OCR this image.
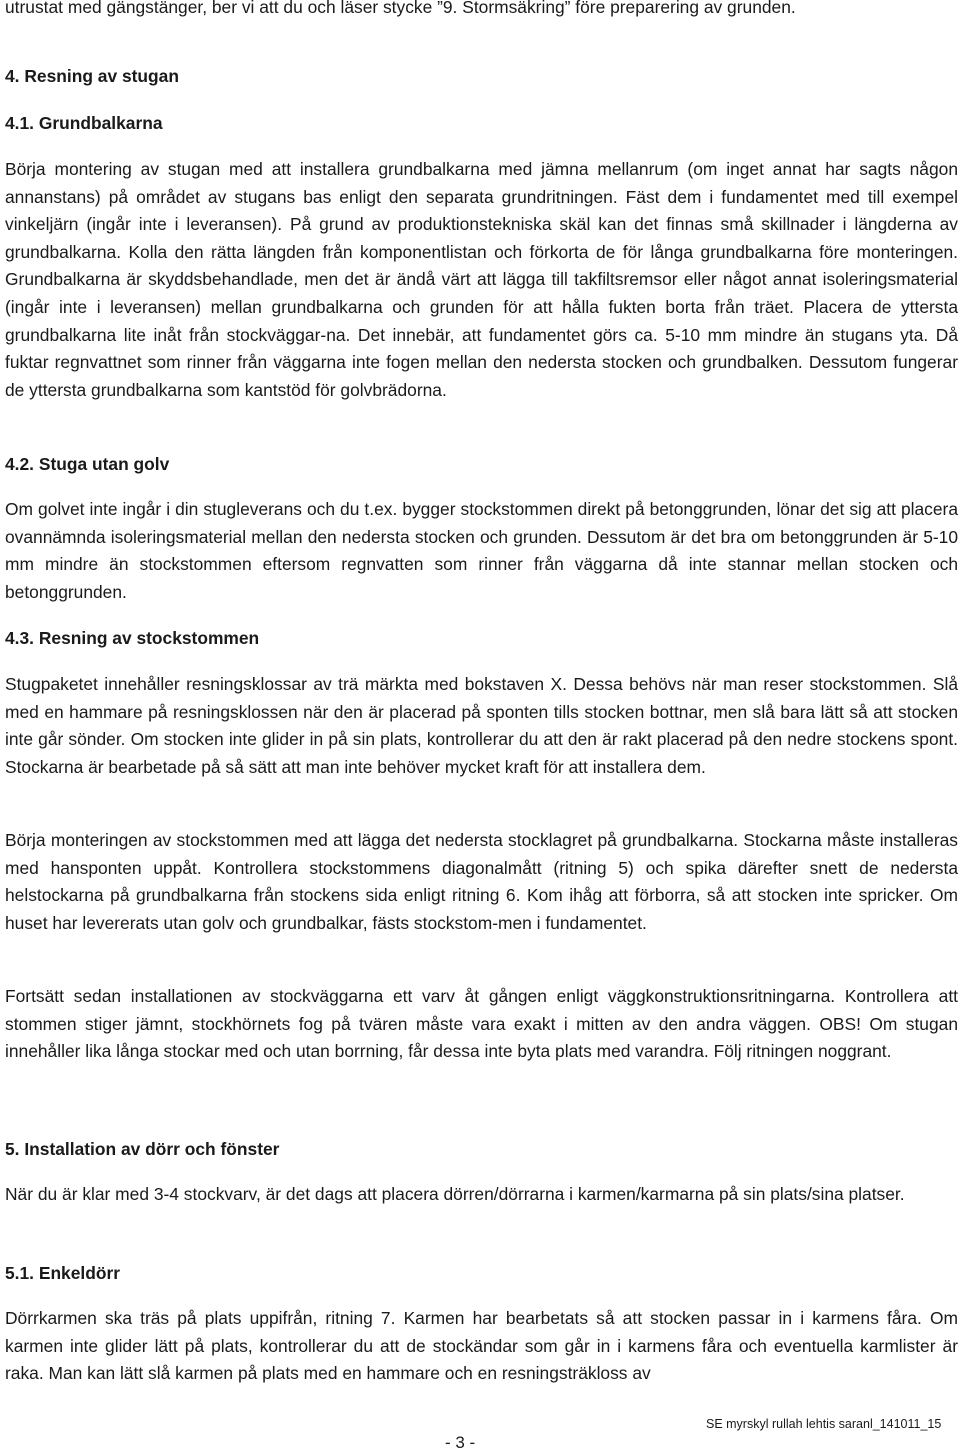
utrustat med gängstänger, ber vi att du och läser stycke ”9. Stormsäkring” före preparering av grunden.

4. Resning av stugan

4.1. Grundbalkarna

Börja montering av stugan med att installera grundbalkarna med jämna mellanrum (om inget annat har sagts någon annanstans) på området av stugans bas enligt den separata grundritningen. Fäst dem i fundamentet med till exempel vinkeljärn (ingår inte i leveransen). På grund av produktionstekniska skäl kan det finnas små skillnader i längderna av grundbalkarna. Kolla den rätta längden från komponentlistan och förkorta de för långa grundbalkarna före monteringen. Grundbalkarna är skyddsbehandlade, men det är ändå värt att lägga till takfiltsremsor eller något annat isoleringsmaterial (ingår inte i leveransen) mellan grundbalkarna och grunden för att hålla fukten borta från träet. Placera de yttersta grundbalkarna lite inåt från stockväggar-na. Det innebär, att fundamentet görs ca. 5-10 mm mindre än stugans yta. Då fuktar regnvattnet som rinner från väggarna inte fogen mellan den nedersta stocken och grundbalken. Dessutom fungerar de yttersta grundbalkarna som kantstöd för golvbrädorna.

4.2. Stuga utan golv

Om golvet inte ingår i din stugleverans och du t.ex. bygger stockstommen direkt på betonggrunden, lönar det sig att placera ovannämnda isoleringsmaterial mellan den nedersta stocken och grunden. Dessutom är det bra om betonggrunden är 5-10 mm mindre än stockstommen eftersom regnvatten som rinner från väggarna då inte stannar mellan stocken och betonggrunden.

4.3. Resning av stockstommen

Stugpaketet innehåller resningsklossar av trä märkta med bokstaven X. Dessa behövs när man reser stockstommen. Slå med en hammare på resningsklossen när den är placerad på sponten tills stocken bottnar, men slå bara lätt så att stocken inte går sönder. Om stocken inte glider in på sin plats, kontrollerar du att den är rakt placerad på den nedre stockens spont. Stockarna är bearbetade på så sätt att man inte behöver mycket kraft för att installera dem.

Börja monteringen av stockstommen med att lägga det nedersta stocklagret på grundbalkarna. Stockarna måste installeras med hansponten uppåt. Kontrollera stockstommens diagonalmått (ritning 5) och spika därefter snett de nedersta helstockarna på grundbalkarna från stockens sida enligt ritning 6. Kom ihåg att förborra, så att stocken inte spricker. Om huset har levererats utan golv och grundbalkar, fästs stockstom-men i fundamentet.

Fortsätt sedan installationen av stockväggarna ett varv åt gången enligt väggkonstruktionsritningarna. Kontrollera att stommen stiger jämnt, stockhörnets fog på tvären måste vara exakt i mitten av den andra väggen. OBS! Om stugan innehåller lika långa stockar med och utan borrning, får dessa inte byta plats med varandra. Följ ritningen noggrant.

5. Installation av dörr och fönster

När du är klar med 3-4 stockvarv, är det dags att placera dörren/dörrarna i karmen/karmarna på sin plats/sina platser.

5.1. Enkeldörr

Dörrkarmen ska träs på plats uppifrån, ritning 7. Karmen har bearbetats så att stocken passar in i karmens fåra. Om karmen inte glider lätt på plats, kontrollerar du att de stockändar som går in i karmens fåra och eventuella karmlister är raka. Man kan lätt slå karmen på plats med en hammare och en resningsträkloss av

SE myrskyl rullah lehtis saranl_141011_15
- 3 -
